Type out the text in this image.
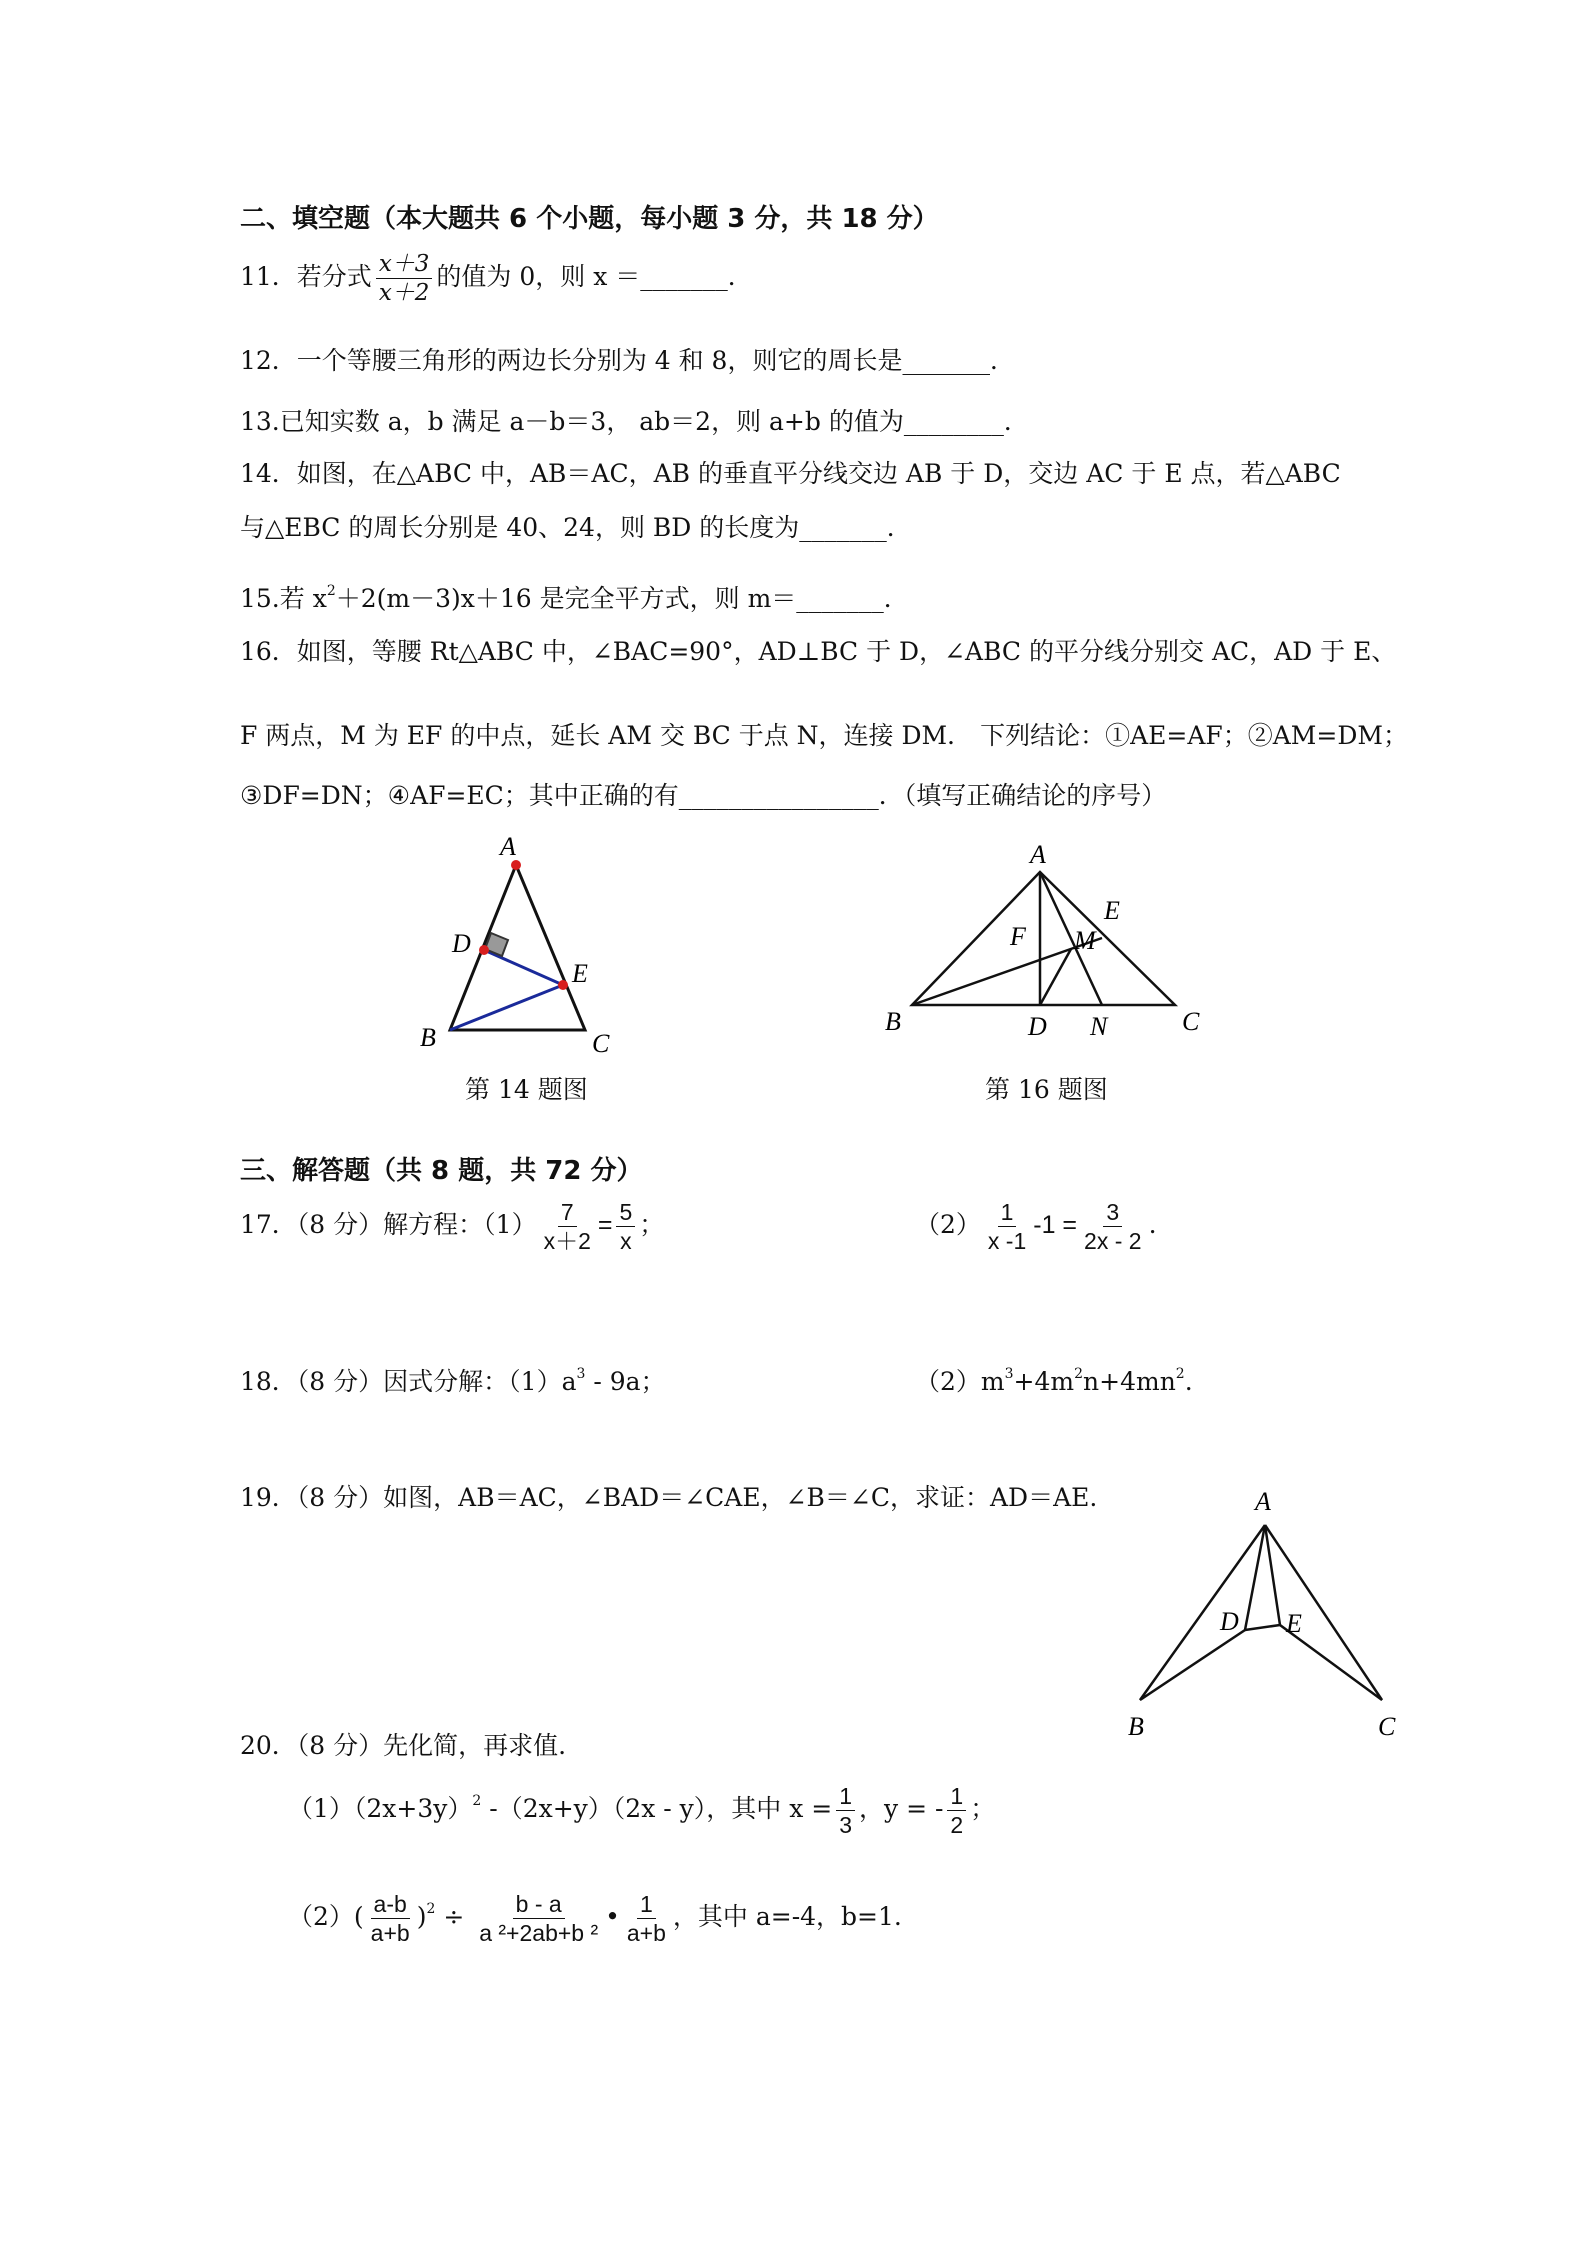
二、填空题（本大题共 6 个小题，每小题 3 分，共 18 分）
11．若分式 $\frac{x+3}{x+2}$ 的值为 0，则 x ＝_______．
12．一个等腰三角形的两边长分别为 4 和 8，则它的周长是_______．
13.已知实数 a，b 满足 a－b＝3， ab＝2，则 a+b 的值为________．
14．如图，在△ABC 中，AB＝AC，AB 的垂直平分线交边 AB 于 D，交边 AC 于 E 点，若△ABC
与△EBC 的周长分别是 40、24，则 BD 的长度为_______．
15.若 $x^2+2(m-3)x+16$ 是完全平方式，则 m＝_______．
16．如图，等腰 Rt△ABC 中，∠BAC=90°，AD⊥BC 于 D，∠ABC 的平分线分别交 AC，AD 于 E、
F 两点，M 为 EF 的中点，延长 AM 交 BC 于点 N，连接 DM． 下列结论：①AE=AF；②AM=DM；
③DF=DN；④AF=EC；其中正确的有________________．（填写正确结论的序号）
A
B	C
D
E
第 14 题图
A
B	C
D
E
F M
N
第 16 题图
三、解答题（共 8 题，共 72 分）
17．（8 分）解方程：$(1) \frac{7}{x+2} = \frac{5}{x}$ ；	$(2) \frac{1}{x -1} -1 = \frac{3}{2x - 2}$ .
18．（8 分）因式分解：$(1)a^3 - 9a$；	$(2)m^3+4m^2n+4mn^2$.
19．（8 分）如图，AB＝AC，∠BAD＝∠CAE，∠B＝∠C，求证：AD＝AE.	A
B	C
D E
20．（8 分）先化简，再求值.
$(1)(2x+3y)^2$ -（2x+y）（2x - y），其中 $x = \frac{1}{3}$ ，y = - $\frac{1}{2}$ ；
$(2)( \frac{a-b}{a+b} )^2 \div \frac{b - a}{\text{a ²+2ab+b ²}}$ • $\frac{1}{a+b}$ ，其中 a=-4，b=1.
